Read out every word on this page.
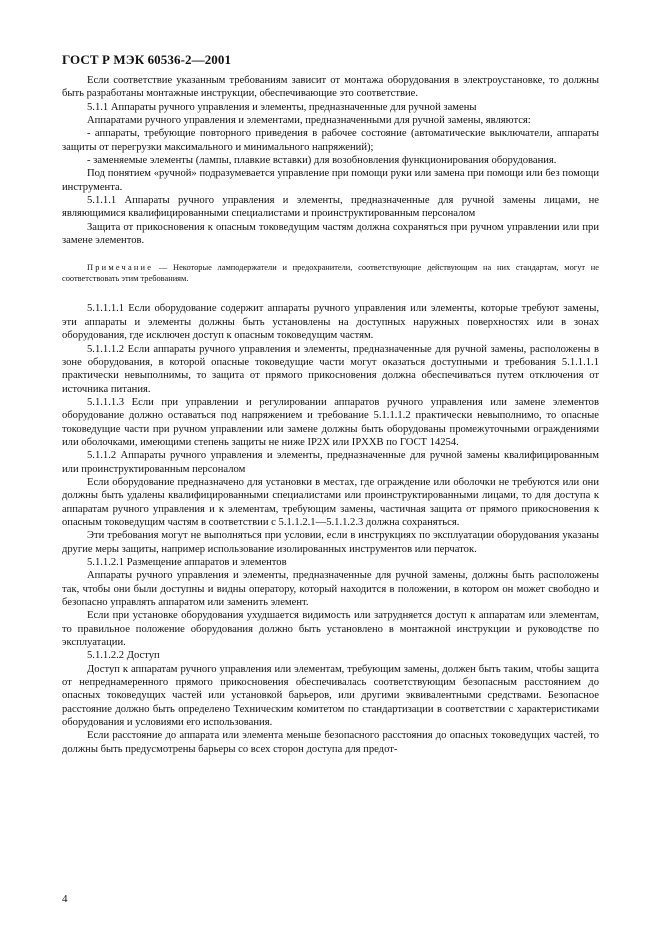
ГОСТ Р МЭК 60536-2—2001

Если соответствие указанным требованиям зависит от монтажа оборудования в электроустановке, то должны быть разработаны монтажные инструкции, обеспечивающие это соответствие.

5.1.1 Аппараты ручного управления и элементы, предназначенные для ручной замены

Аппаратами ручного управления и элементами, предназначенными для ручной замены, являются:

- аппараты, требующие повторного приведения в рабочее состояние (автоматические выключатели, аппараты защиты от перегрузки максимального и минимального напряжений);

- заменяемые элементы (лампы, плавкие вставки) для возобновления функционирования оборудования.

Под понятием «ручной» подразумевается управление при помощи руки или замена при помощи или без помощи инструмента.

5.1.1.1 Аппараты ручного управления и элементы, предназначенные для ручной замены лицами, не являющимися квалифицированными специалистами и проинструктированным персоналом

Защита от прикосновения к опасным токоведущим частям должна сохраняться при ручном управлении или при замене элементов.

Примечание — Некоторые ламподержатели и предохранители, соответствующие действующим на них стандартам, могут не соответствовать этим требованиям.

5.1.1.1.1 Если оборудование содержит аппараты ручного управления или элементы, которые требуют замены, эти аппараты и элементы должны быть установлены на доступных наружных поверхностях или в зонах оборудования, где исключен доступ к опасным токоведущим частям.

5.1.1.1.2 Если аппараты ручного управления и элементы, предназначенные для ручной замены, расположены в зоне оборудования, в которой опасные токоведущие части могут оказаться доступными и требования 5.1.1.1.1 практически невыполнимы, то защита от прямого прикосновения должна обеспечиваться путем отключения от источника питания.

5.1.1.1.3 Если при управлении и регулировании аппаратов ручного управления или замене элементов оборудование должно оставаться под напряжением и требование 5.1.1.1.2 практически невыполнимо, то опасные токоведущие части при ручном управлении или замене должны быть оборудованы промежуточными ограждениями или оболочками, имеющими степень защиты не ниже IP2X или IPXXB по ГОСТ 14254.

5.1.1.2 Аппараты ручного управления и элементы, предназначенные для ручной замены квалифицированным или проинструктированным персоналом

Если оборудование предназначено для установки в местах, где ограждение или оболочки не требуются или они должны быть удалены квалифицированными специалистами или проинструктированными лицами, то для доступа к аппаратам ручного управления и к элементам, требующим замены, частичная защита от прямого прикосновения к опасным токоведущим частям в соответствии с 5.1.1.2.1—5.1.1.2.3 должна сохраняться.

Эти требования могут не выполняться при условии, если в инструкциях по эксплуатации оборудования указаны другие меры защиты, например использование изолированных инструментов или перчаток.

5.1.1.2.1 Размещение аппаратов и элементов

Аппараты ручного управления и элементы, предназначенные для ручной замены, должны быть расположены так, чтобы они были доступны и видны оператору, который находится в положении, в котором он может свободно и безопасно управлять аппаратом или заменить элемент.

Если при установке оборудования ухудшается видимость или затрудняется доступ к аппаратам или элементам, то правильное положение оборудования должно быть установлено в монтажной инструкции и руководстве по эксплуатации.

5.1.1.2.2 Доступ

Доступ к аппаратам ручного управления или элементам, требующим замены, должен быть таким, чтобы защита от непреднамеренного прямого прикосновения обеспечивалась соответствующим безопасным расстоянием до опасных токоведущих частей или установкой барьеров, или другими эквивалентными средствами. Безопасное расстояние должно быть определено Техническим комитетом по стандартизации в соответствии с характеристиками оборудования и условиями его использования.

Если расстояние до аппарата или элемента меньше безопасного расстояния до опасных токоведущих частей, то должны быть предусмотрены барьеры со всех сторон доступа для предот-

4
